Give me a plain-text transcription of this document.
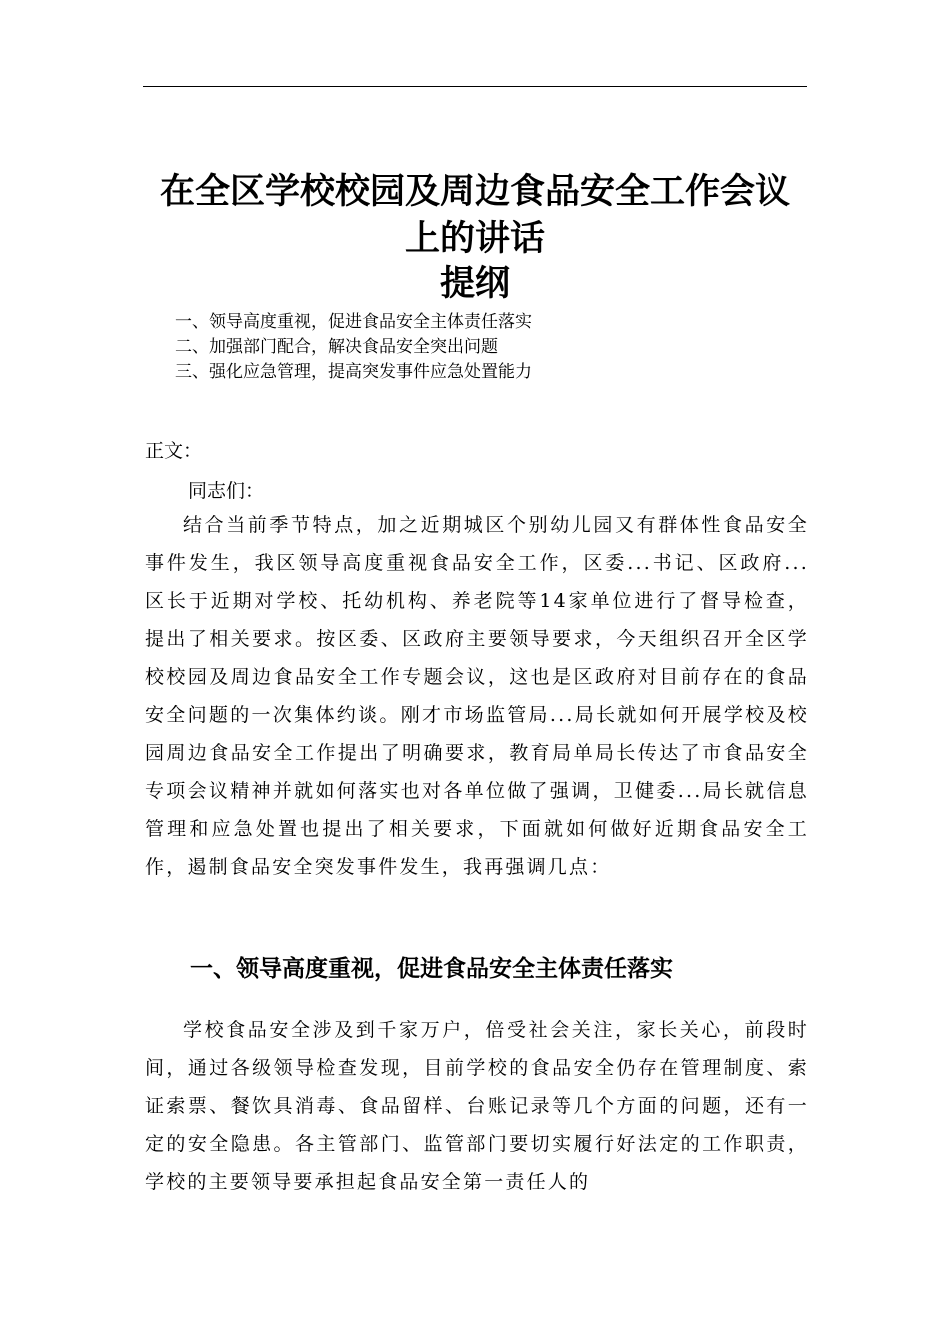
在全区学校校园及周边食品安全工作会议
上的讲话
提纲
一、领导高度重视，促进食品安全主体责任落实
二、加强部门配合，解决食品安全突出问题
三、强化应急管理，提高突发事件应急处置能力
正文：
同志们：

结合当前季节特点，加之近期城区个别幼儿园又有群体性食品安全事件发生，我区领导高度重视食品安全工作，区委...书记、区政府...区长于近期对学校、托幼机构、养老院等14家单位进行了督导检查，提出了相关要求。按区委、区政府主要领导要求，今天组织召开全区学校校园及周边食品安全工作专题会议，这也是区政府对目前存在的食品安全问题的一次集体约谈。刚才市场监管局...局长就如何开展学校及校园周边食品安全工作提出了明确要求，教育局单局长传达了市食品安全专项会议精神并就如何落实也对各单位做了强调，卫健委...局长就信息管理和应急处置也提出了相关要求，下面就如何做好近期食品安全工作，遏制食品安全突发事件发生，我再强调几点：

一、领导高度重视，促进食品安全主体责任落实

学校食品安全涉及到千家万户，倍受社会关注，家长关心，前段时间，通过各级领导检查发现，目前学校的食品安全仍存在管理制度、索证索票、餐饮具消毒、食品留样、台账记录等几个方面的问题，还有一定的安全隐患。各主管部门、监管部门要切实履行好法定的工作职责，学校的主要领导要承担起食品安全第一责任人的
